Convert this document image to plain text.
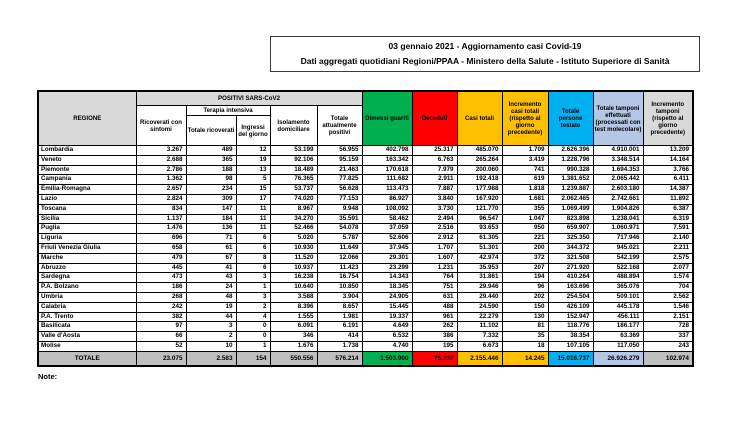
03 gennaio 2021 - Aggiornamento casi Covid-19
Dati aggregati quotidiani Regioni/PPAA - Ministero della Salute - Istituto Superiore di Sanità
REGIONE	POSITIVI SARS-CoV2					Dimessi guariti	Deceduti	Casi totali	Incremento casi totali (rispetto al giorno precedente)	Totale persone testate	Totale tamponi effettuati (processati con test molecolare)	Incremento tamponi (rispetto al giorno precedente)
	Ricoverati con sintomi	Terapia intensiva		Isolamento domiciliare	Totale attualmente positivi							
		Totale ricoverati	Ingressi del giorno									
Lombardia	3.267	489	12	53.199	56.955	402.798	25.317	485.070	1.709	2.626.396	4.910.001	13.209
Veneto	2.688	365	19	92.106	95.159	163.342	6.763	265.264	3.419	1.228.796	3.348.514	14.164
Piemonte	2.786	188	13	18.489	21.463	170.618	7.979	200.060	741	990.328	1.694.353	3.766
Campania	1.362	98	5	76.365	77.825	111.682	2.911	192.418	619	1.381.652	2.065.442	6.411
Emilia-Romagna	2.657	234	15	53.737	56.628	113.473	7.887	177.988	1.818	1.239.887	2.603.180	14.387
Lazio	2.824	309	17	74.020	77.153	86.927	3.840	167.920	1.681	2.062.465	2.742.661	11.892
Toscana	834	147	11	8.967	9.948	108.092	3.730	121.770	355	1.069.499	1.904.826	6.387
Sicilia	1.137	184	11	34.270	35.591	58.462	2.494	96.547	1.047	823.898	1.238.041	6.319
Puglia	1.476	136	11	52.466	54.078	37.059	2.516	93.653	950	659.907	1.060.971	7.591
Liguria	696	71	6	5.020	5.787	52.606	2.912	61.305	221	325.350	717.946	2.140
Friuli Venezia Giulia	658	61	6	10.930	11.649	37.945	1.707	51.301	200	344.372	945.021	2.211
Marche	479	67	8	11.520	12.066	29.301	1.607	42.974	372	321.508	542.199	2.575
Abruzzo	445	41	6	10.937	11.423	23.299	1.231	35.953	207	271.920	522.168	2.077
Sardegna	473	43	3	16.238	16.754	14.343	764	31.861	194	410.264	488.894	1.574
P.A. Bolzano	186	24	1	10.640	10.850	18.345	751	29.946	96	163.696	365.076	704
Umbria	268	48	3	3.588	3.904	24.905	631	29.440	202	254.504	509.101	2.562
Calabria	242	19	2	8.396	8.657	15.445	488	24.590	150	426.109	445.178	1.546
P.A. Trento	382	44	4	1.555	1.981	19.337	961	22.279	130	152.947	456.111	2.151
Basilicata	97	3	0	6.091	6.191	4.649	262	11.102	81	118.776	186.177	728
Valle d'Aosta	66	2	0	346	414	6.532	386	7.332	35	38.354	63.369	337
Molise	52	10	1	1.676	1.738	4.740	195	6.673	18	107.105	117.050	243
TOTALE	23.075	2.583	154	550.556	576.214	1.503.900	75.332	2.155.446	14.245	15.016.737	26.926.279	102.974
Note:
